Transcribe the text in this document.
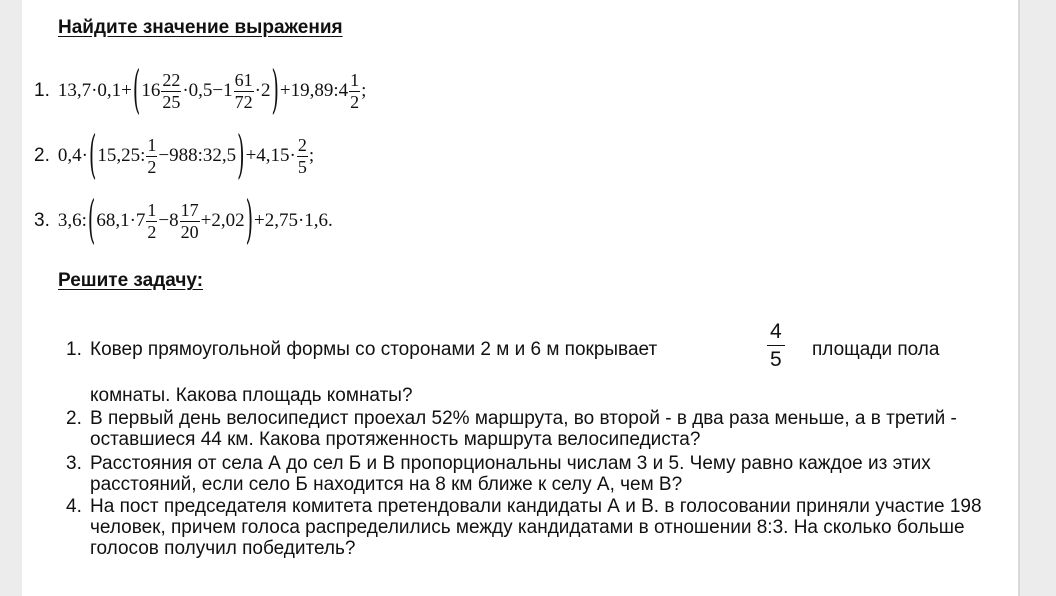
Найдите значение выражения
1. 13,7·0,1+ ( $16 \frac{22}{25} \cdot 0,5-1 \frac{61}{72} \cdot 2$ ) +19,89:4 $\frac{1}{2}$ ;
2. 0,4· ( 15,25: $\frac{1}{2}$ −988:32,5 ) $+4,15\cdot \frac{2}{5}$ ;
3. 3,6: ( $68,1\cdot 7 \frac{1}{2} -8 \frac{17}{20} +2,02$ ) +2,75·1,6 .
Решите задачу:
1. Ковер прямоугольной формы со сторонами 2 м и 6 м покрывает	$\frac{4}{5}$ площади пола
комнаты. Какова площадь комнаты?
2. В первый день велосипедист проехал 52% маршрута, во второй - в два раза меньше, а в третий - оставшиеся 44 км. Какова протяженность маршрута велосипедиста?
3. Расстояния от села А до сел Б и В пропорциональны числам 3 и 5. Чему равно каждое из этих расстояний, если село Б находится на 8 км ближе к селу А, чем В?
4. На пост председателя комитета претендовали кандидаты А и В. в голосовании приняли участие 198 человек, причем голоса распределились между кандидатами в отношении 8:3. На сколько больше голосов получил победитель?
